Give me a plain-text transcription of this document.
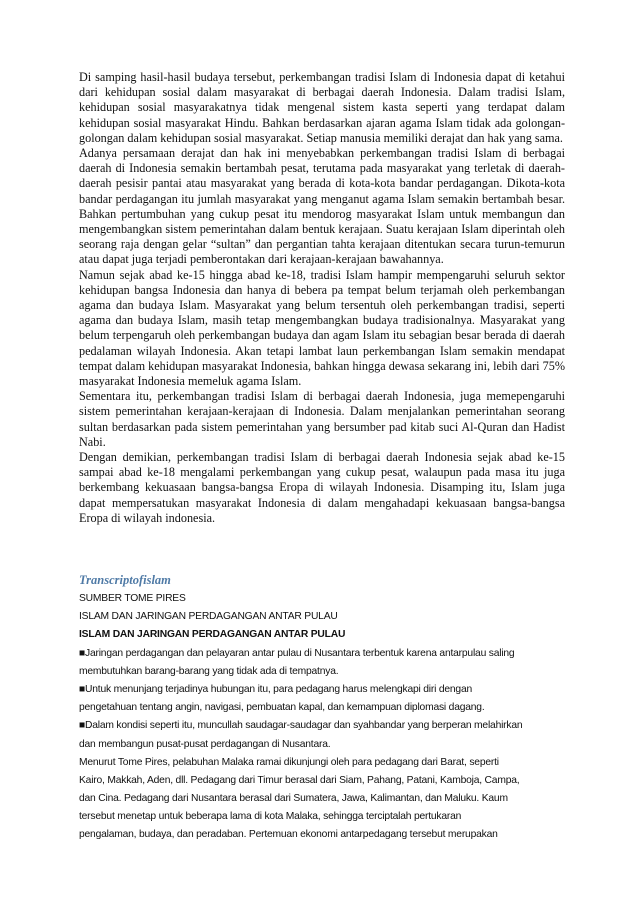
Di samping hasil-hasil budaya tersebut, perkembangan tradisi Islam di Indonesia dapat di ketahui dari kehidupan sosial dalam masyarakat di berbagai daerah Indonesia. Dalam tradisi Islam, kehidupan sosial masyarakatnya tidak mengenal sistem kasta seperti yang terdapat dalam kehidupan sosial masyarakat Hindu. Bahkan berdasarkan ajaran agama Islam tidak ada golongan-golongan dalam kehidupan sosial masyarakat. Setiap manusia memiliki derajat dan hak yang sama.

Adanya persamaan derajat dan hak ini menyebabkan perkembangan tradisi Islam di berbagai daerah di Indonesia semakin bertambah pesat, terutama pada masyarakat yang terletak di daerah-daerah pesisir pantai atau masyarakat yang berada di kota-kota bandar perdagangan. Dikota-kota bandar perdagangan itu jumlah masyarakat yang menganut agama Islam semakin bertambah besar. Bahkan pertumbuhan yang cukup pesat itu mendorog masyarakat Islam untuk membangun dan mengembangkan sistem pemerintahan dalam bentuk kerajaan. Suatu kerajaan Islam diperintah oleh seorang raja dengan gelar “sultan” dan pergantian tahta kerajaan ditentukan secara turun-temurun atau dapat juga terjadi pemberontakan dari kerajaan-kerajaan bawahannya.

Namun sejak abad ke-15 hingga abad ke-18, tradisi Islam hampir mempengaruhi seluruh sektor kehidupan bangsa Indonesia dan hanya di bebera pa tempat belum terjamah oleh perkembangan agama dan budaya Islam. Masyarakat yang belum tersentuh oleh perkembangan tradisi, seperti agama dan budaya Islam, masih tetap mengembangkan budaya tradisionalnya. Masyarakat yang belum terpengaruh oleh perkembangan budaya dan agam Islam itu sebagian besar berada di daerah pedalaman wilayah Indonesia. Akan tetapi lambat laun perkembangan Islam semakin mendapat tempat dalam kehidupan masyarakat Indonesia, bahkan hingga dewasa sekarang ini, lebih dari 75% masyarakat Indonesia memeluk agama Islam.

Sementara itu, perkembangan tradisi Islam di berbagai daerah Indonesia, juga memepengaruhi sistem pemerintahan kerajaan-kerajaan di Indonesia. Dalam menjalankan pemerintahan seorang sultan berdasarkan pada sistem pemerintahan yang bersumber pad kitab suci Al-Quran dan Hadist Nabi.

Dengan demikian, perkembangan tradisi Islam di berbagai daerah Indonesia sejak abad ke-15 sampai abad ke-18 mengalami perkembangan yang cukup pesat, walaupun pada masa itu juga berkembang kekuasaan bangsa-bangsa Eropa di wilayah Indonesia. Disamping itu, Islam juga dapat mempersatukan masyarakat Indonesia di dalam mengahadapi kekuasaan bangsa-bangsa Eropa di wilayah indonesia.

Transcriptofislam
SUMBER TOME PIRES
ISLAM DAN JARINGAN PERDAGANGAN ANTAR PULAU
ISLAM DAN JARINGAN PERDAGANGAN ANTAR PULAU
■Jaringan perdagangan dan pelayaran antar pulau di Nusantara terbentuk karena antarpulau saling
membutuhkan barang-barang yang tidak ada di tempatnya.
■Untuk menunjang terjadinya hubungan itu, para pedagang harus melengkapi diri dengan
pengetahuan tentang angin, navigasi, pembuatan kapal, dan kemampuan diplomasi dagang.
■Dalam kondisi seperti itu, muncullah saudagar-saudagar dan syahbandar yang berperan melahirkan
dan membangun pusat-pusat perdagangan di Nusantara.
Menurut Tome Pires, pelabuhan Malaka ramai dikunjungi oleh para pedagang dari Barat, seperti
Kairo, Makkah, Aden, dll. Pedagang dari Timur berasal dari Siam, Pahang, Patani, Kamboja, Campa,
dan Cina. Pedagang dari Nusantara berasal dari Sumatera, Jawa, Kalimantan, dan Maluku. Kaum
tersebut menetap untuk beberapa lama di kota Malaka, sehingga terciptalah pertukaran
pengalaman, budaya, dan peradaban. Pertemuan ekonomi antarpedagang tersebut merupakan
